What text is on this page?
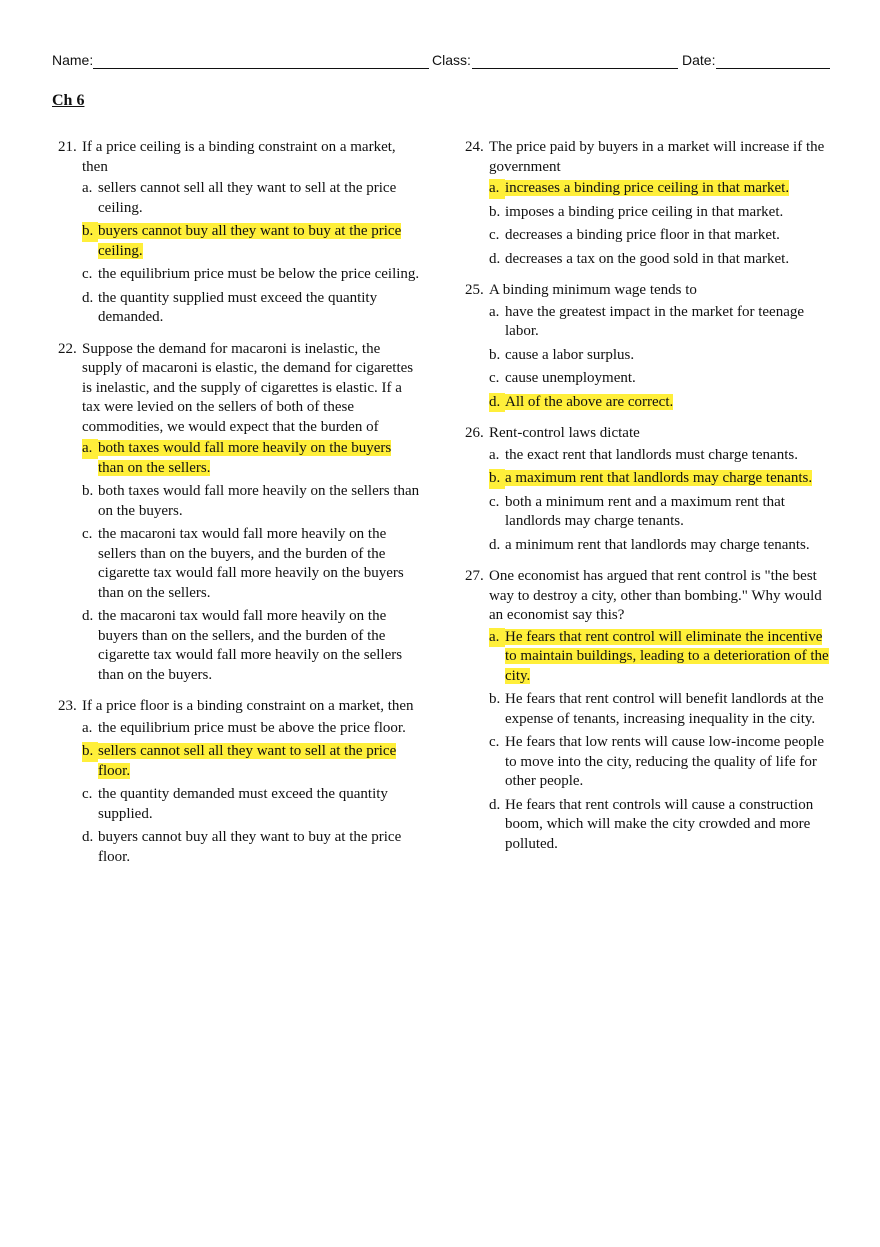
Name:	Class:	Date:
Ch 6
21. If a price ceiling is a binding constraint on a market, then
a. sellers cannot sell all they want to sell at the price ceiling.
b. buyers cannot buy all they want to buy at the price ceiling.
c. the equilibrium price must be below the price ceiling.
d. the quantity supplied must exceed the quantity demanded.
22. Suppose the demand for macaroni is inelastic, the supply of macaroni is elastic, the demand for cigarettes is inelastic, and the supply of cigarettes is elastic. If a tax were levied on the sellers of both of these commodities, we would expect that the burden of
a. both taxes would fall more heavily on the buyers than on the sellers.
b. both taxes would fall more heavily on the sellers than on the buyers.
c. the macaroni tax would fall more heavily on the sellers than on the buyers, and the burden of the cigarette tax would fall more heavily on the buyers than on the sellers.
d. the macaroni tax would fall more heavily on the buyers than on the sellers, and the burden of the cigarette tax would fall more heavily on the sellers than on the buyers.
23. If a price floor is a binding constraint on a market, then
a. the equilibrium price must be above the price floor.
b. sellers cannot sell all they want to sell at the price floor.
c. the quantity demanded must exceed the quantity supplied.
d. buyers cannot buy all they want to buy at the price floor.
24. The price paid by buyers in a market will increase if the government
a. increases a binding price ceiling in that market.
b. imposes a binding price ceiling in that market.
c. decreases a binding price floor in that market.
d. decreases a tax on the good sold in that market.
25. A binding minimum wage tends to
a. have the greatest impact in the market for teenage labor.
b. cause a labor surplus.
c. cause unemployment.
d. All of the above are correct.
26. Rent-control laws dictate
a. the exact rent that landlords must charge tenants.
b. a maximum rent that landlords may charge tenants.
c. both a minimum rent and a maximum rent that landlords may charge tenants.
d. a minimum rent that landlords may charge tenants.
27. One economist has argued that rent control is "the best way to destroy a city, other than bombing." Why would an economist say this?
a. He fears that rent control will eliminate the incentive to maintain buildings, leading to a deterioration of the city.
b. He fears that rent control will benefit landlords at the expense of tenants, increasing inequality in the city.
c. He fears that low rents will cause low-income people to move into the city, reducing the quality of life for other people.
d. He fears that rent controls will cause a construction boom, which will make the city crowded and more polluted.
